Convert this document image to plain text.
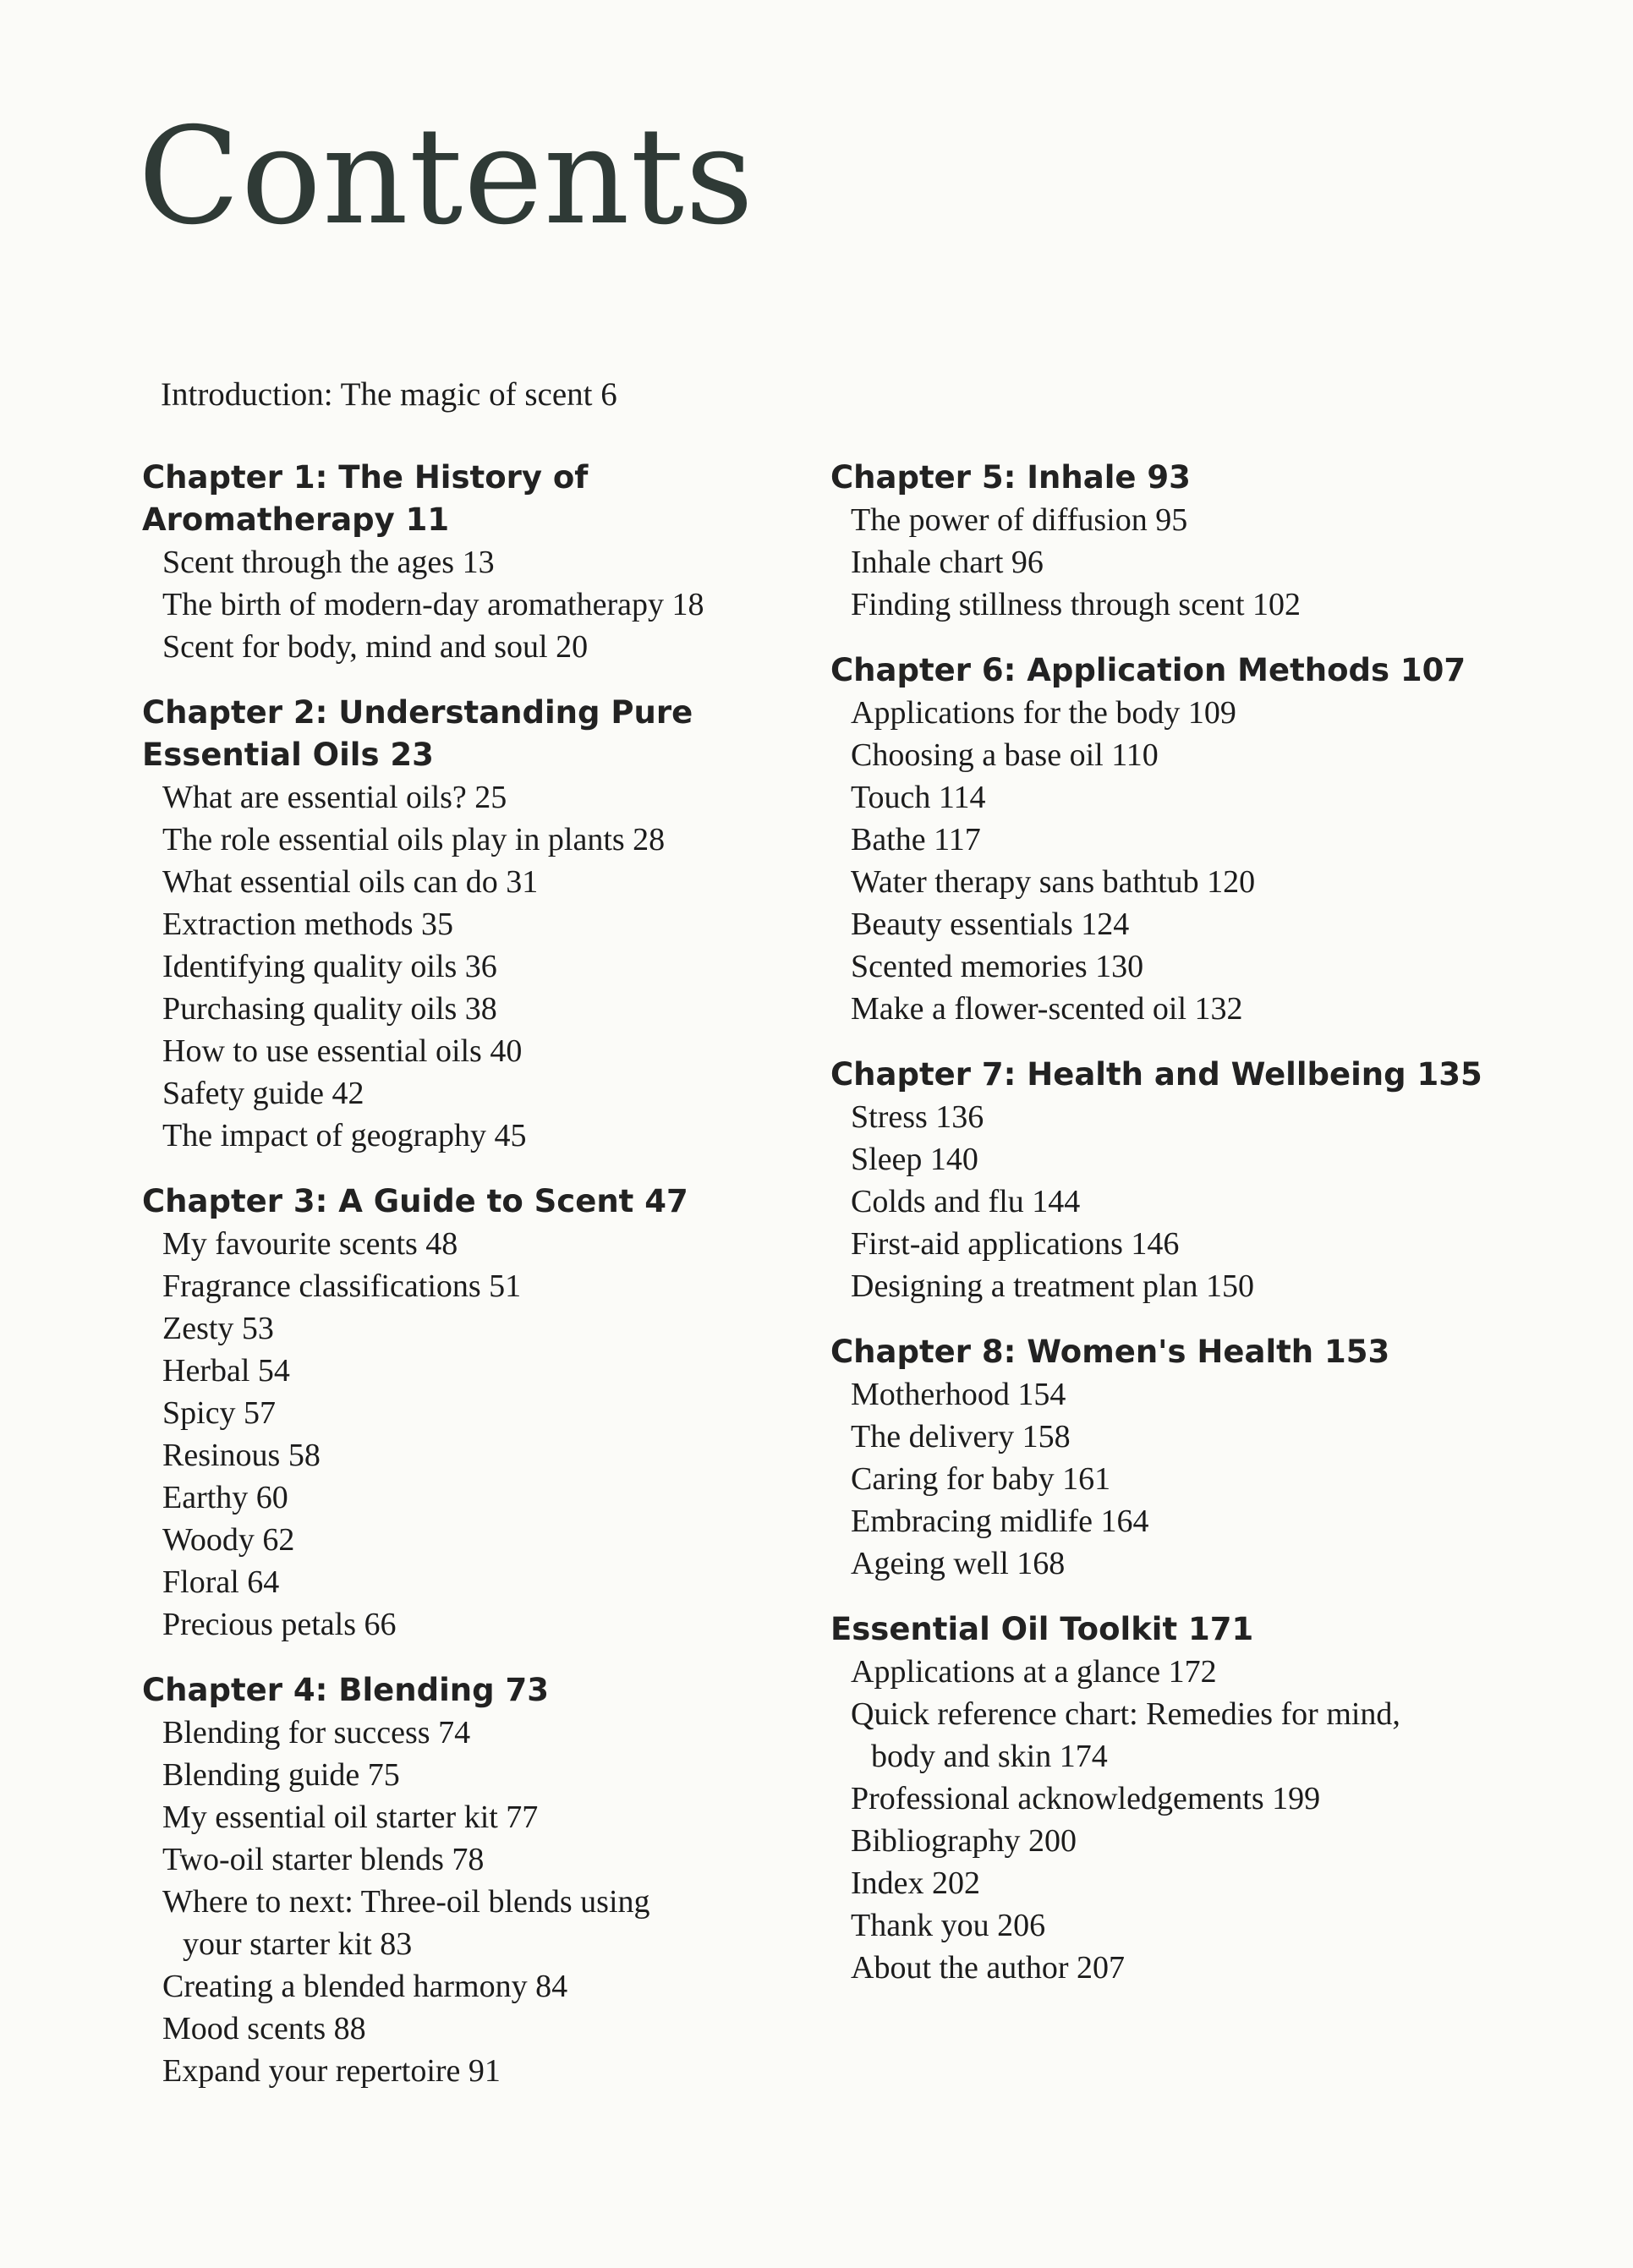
Contents
Introduction: The magic of scent 6
Chapter 1: The History of
Aromatherapy 11
Scent through the ages 13
The birth of modern-day aromatherapy 18
Scent for body, mind and soul 20
Chapter 2: Understanding Pure
Essential Oils 23
What are essential oils? 25
The role essential oils play in plants 28
What essential oils can do 31
Extraction methods 35
Identifying quality oils 36
Purchasing quality oils 38
How to use essential oils 40
Safety guide 42
The impact of geography 45
Chapter 3: A Guide to Scent 47
My favourite scents 48
Fragrance classifications 51
Zesty 53
Herbal 54
Spicy 57
Resinous 58
Earthy 60
Woody 62
Floral 64
Precious petals 66
Chapter 4: Blending 73
Blending for success 74
Blending guide 75
My essential oil starter kit 77
Two-oil starter blends 78
Where to next: Three-oil blends using
your starter kit 83
Creating a blended harmony 84
Mood scents 88
Expand your repertoire 91
Chapter 5: Inhale 93
The power of diffusion 95
Inhale chart 96
Finding stillness through scent 102
Chapter 6: Application Methods 107
Applications for the body 109
Choosing a base oil 110
Touch 114
Bathe 117
Water therapy sans bathtub 120
Beauty essentials 124
Scented memories 130
Make a flower-scented oil 132
Chapter 7: Health and Wellbeing 135
Stress 136
Sleep 140
Colds and flu 144
First-aid applications 146
Designing a treatment plan 150
Chapter 8: Women's Health 153
Motherhood 154
The delivery 158
Caring for baby 161
Embracing midlife 164
Ageing well 168
Essential Oil Toolkit 171
Applications at a glance 172
Quick reference chart: Remedies for mind,
body and skin 174
Professional acknowledgements 199
Bibliography 200
Index 202
Thank you 206
About the author 207
